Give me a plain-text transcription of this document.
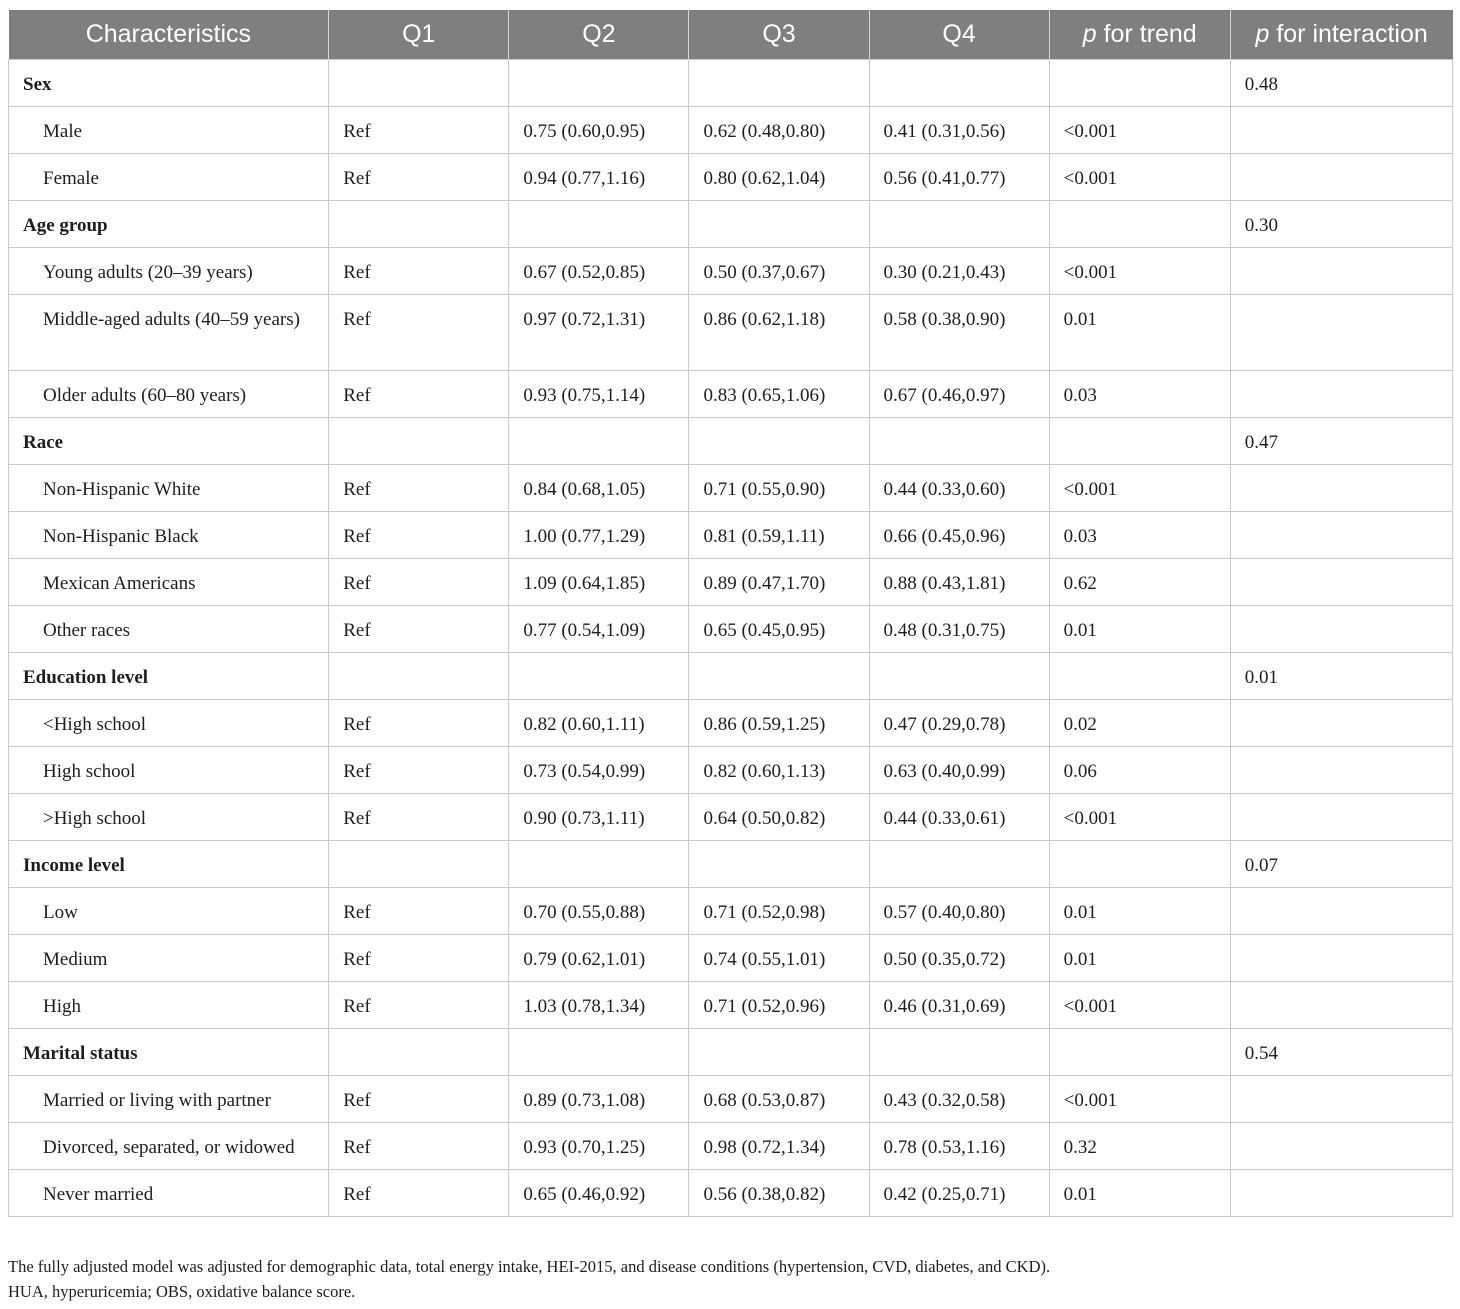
Characteristics	Q1	Q2	Q3	Q4	p for trend	p for interaction
Sex						0.48
Male	Ref	0.75 (0.60,0.95)	0.62 (0.48,0.80)	0.41 (0.31,0.56)	<0.001	
Female	Ref	0.94 (0.77,1.16)	0.80 (0.62,1.04)	0.56 (0.41,0.77)	<0.001	
Age group						0.30
Young adults (20–39 years)	Ref	0.67 (0.52,0.85)	0.50 (0.37,0.67)	0.30 (0.21,0.43)	<0.001	
Middle-aged adults (40–59 years)	Ref	0.97 (0.72,1.31)	0.86 (0.62,1.18)	0.58 (0.38,0.90)	0.01	
Older adults (60–80 years)	Ref	0.93 (0.75,1.14)	0.83 (0.65,1.06)	0.67 (0.46,0.97)	0.03	
Race						0.47
Non-Hispanic White	Ref	0.84 (0.68,1.05)	0.71 (0.55,0.90)	0.44 (0.33,0.60)	<0.001	
Non-Hispanic Black	Ref	1.00 (0.77,1.29)	0.81 (0.59,1.11)	0.66 (0.45,0.96)	0.03	
Mexican Americans	Ref	1.09 (0.64,1.85)	0.89 (0.47,1.70)	0.88 (0.43,1.81)	0.62	
Other races	Ref	0.77 (0.54,1.09)	0.65 (0.45,0.95)	0.48 (0.31,0.75)	0.01	
Education level						0.01
<High school	Ref	0.82 (0.60,1.11)	0.86 (0.59,1.25)	0.47 (0.29,0.78)	0.02	
High school	Ref	0.73 (0.54,0.99)	0.82 (0.60,1.13)	0.63 (0.40,0.99)	0.06	
>High school	Ref	0.90 (0.73,1.11)	0.64 (0.50,0.82)	0.44 (0.33,0.61)	<0.001	
Income level						0.07
Low	Ref	0.70 (0.55,0.88)	0.71 (0.52,0.98)	0.57 (0.40,0.80)	0.01	
Medium	Ref	0.79 (0.62,1.01)	0.74 (0.55,1.01)	0.50 (0.35,0.72)	0.01	
High	Ref	1.03 (0.78,1.34)	0.71 (0.52,0.96)	0.46 (0.31,0.69)	<0.001	
Marital status						0.54
Married or living with partner	Ref	0.89 (0.73,1.08)	0.68 (0.53,0.87)	0.43 (0.32,0.58)	<0.001	
Divorced, separated, or widowed	Ref	0.93 (0.70,1.25)	0.98 (0.72,1.34)	0.78 (0.53,1.16)	0.32	
Never married	Ref	0.65 (0.46,0.92)	0.56 (0.38,0.82)	0.42 (0.25,0.71)	0.01	

The fully adjusted model was adjusted for demographic data, total energy intake, HEI-2015, and disease conditions (hypertension, CVD, diabetes, and CKD).

HUA, hyperuricemia; OBS, oxidative balance score.
